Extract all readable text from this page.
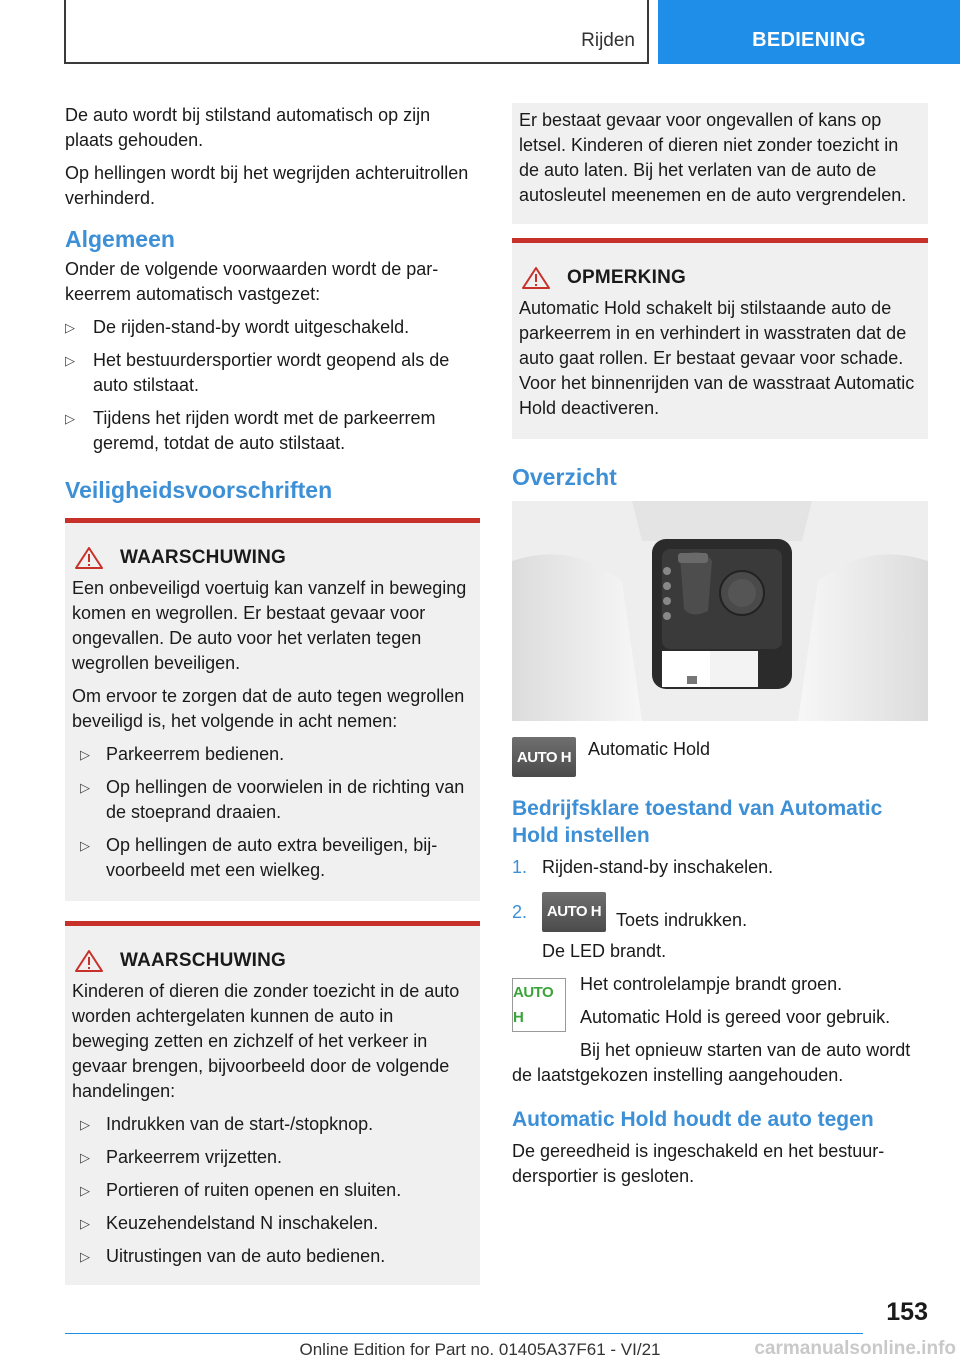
Rijden	BEDIENING

De auto wordt bij stilstand automatisch op zijn plaats gehouden.

Op hellingen wordt bij het wegrijden achteruitrollen verhinderd.

Algemeen

Onder de volgende voorwaarden wordt de parkeerrem automatisch vastgezet:

▷ De rijden-stand-by wordt uitgeschakeld.
▷ Het bestuurdersportier wordt geopend als de auto stilstaat.
▷ Tijdens het rijden wordt met de parkeerrem geremd, totdat de auto stilstaat.
Veiligheidsvoorschriften
WAARSCHUWING

Een onbeveiligd voertuig kan vanzelf in beweging komen en wegrollen. Er bestaat gevaar voor ongevallen. De auto voor het verlaten tegen wegrollen beveiligen.

Om ervoor te zorgen dat de auto tegen wegrollen beveiligd is, het volgende in acht nemen:

▷ Parkeerrem bedienen.
▷ Op hellingen de voorwielen in de richting van de stoeprand draaien.
▷ Op hellingen de auto extra beveiligen, bijvoorbeeld met een wielkeg.
WAARSCHUWING

Kinderen of dieren die zonder toezicht in de auto worden achtergelaten kunnen de auto in beweging zetten en zichzelf of het verkeer in gevaar brengen, bijvoorbeeld door de volgende handelingen:

▷ Indrukken van de start-/stopknop.
▷ Parkeerrem vrijzetten.
▷ Portieren of ruiten openen en sluiten.
▷ Keuzehendelstand N inschakelen.
▷ Uitrustingen van de auto bedienen.

Er bestaat gevaar voor ongevallen of kans op letsel. Kinderen of dieren niet zonder toezicht in de auto laten. Bij het verlaten van de auto de autosleutel meenemen en de auto vergrendelen.

OPMERKING

Automatic Hold schakelt bij stilstaande auto de parkeerrem in en verhindert in wasstraten dat de auto gaat rollen. Er bestaat gevaar voor schade. Voor het binnenrijden van de wasstraat Automatic Hold deactiveren.

Overzicht
AUTO H Automatic Hold
Bedrijfsklare toestand van Automatic Hold instellen
1. Rijden-stand-by inschakelen.
2.	AUTO H Toets indrukken.

De LED brandt.

AUTO H

Het controlelampje brandt groen.

Automatic Hold is gereed voor gebruik.

Bij het opnieuw starten van de auto wordt de laatstgekozen instelling aangehouden.

Automatic Hold houdt de auto tegen

De gereedheid is ingeschakeld en het bestuurdersportier is gesloten.

153
Online Edition for Part no. 01405A37F61 - VI/21	carmanualsonline.info
